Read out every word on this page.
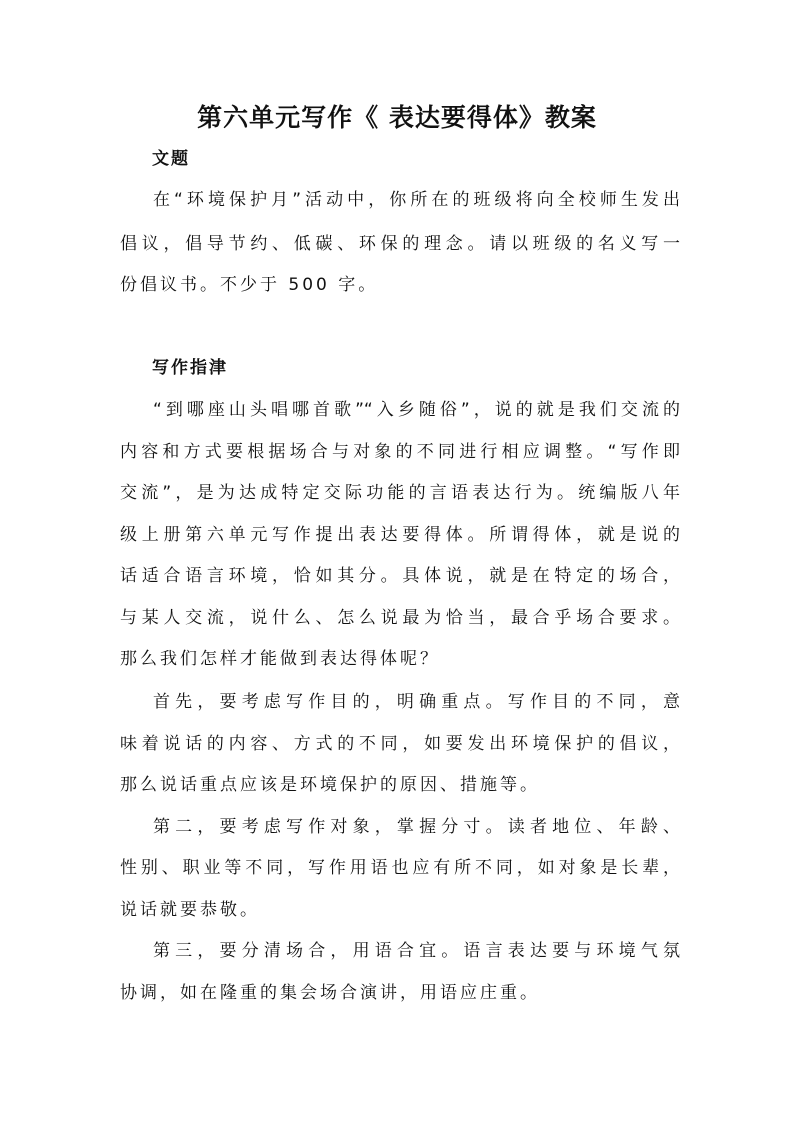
第六单元写作《 表达要得体》教案
文题

在“环境保护月”活动中，你所在的班级将向全校师生发出

倡议，倡导节约、低碳、环保的理念。请以班级的名义写一

份倡议书。不少于 500 字。

写作指津

“到哪座山头唱哪首歌”“入乡随俗”，说的就是我们交流的

内容和方式要根据场合与对象的不同进行相应调整。“写作即

交流”，是为达成特定交际功能的言语表达行为。统编版八年

级上册第六单元写作提出表达要得体。所谓得体，就是说的

话适合语言环境，恰如其分。具体说，就是在特定的场合，

与某人交流，说什么、怎么说最为恰当，最合乎场合要求。

那么我们怎样才能做到表达得体呢？

首先，要考虑写作目的，明确重点。写作目的不同，意

味着说话的内容、方式的不同，如要发出环境保护的倡议，

那么说话重点应该是环境保护的原因、措施等。

第二，要考虑写作对象，掌握分寸。读者地位、年龄、

性别、职业等不同，写作用语也应有所不同，如对象是长辈，

说话就要恭敬。

第三，要分清场合，用语合宜。语言表达要与环境气氛

协调，如在隆重的集会场合演讲，用语应庄重。
